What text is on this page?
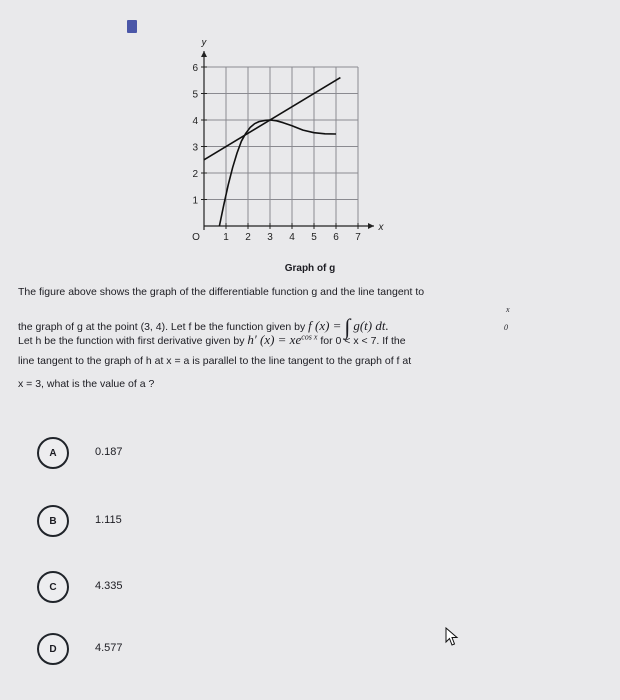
1 2 3 4 5 6 7
1
2
3
4
5
6
O
x
y
Graph of g
The figure above shows the graph of the differentiable function g and the line tangent to
the graph of g at the point (3, 4). Let f be the function given by f (x) = ∫
x
0
g(t) dt.
Let h be the function with first derivative given by h′ $(x) = xe^{cos x}$ for 0 < x < 7. If the
line tangent to the graph of h at x = a is parallel to the line tangent to the graph of f at
x = 3, what is the value of a ?
A	0.187
B	1.115
C	4.335
D	4.577
